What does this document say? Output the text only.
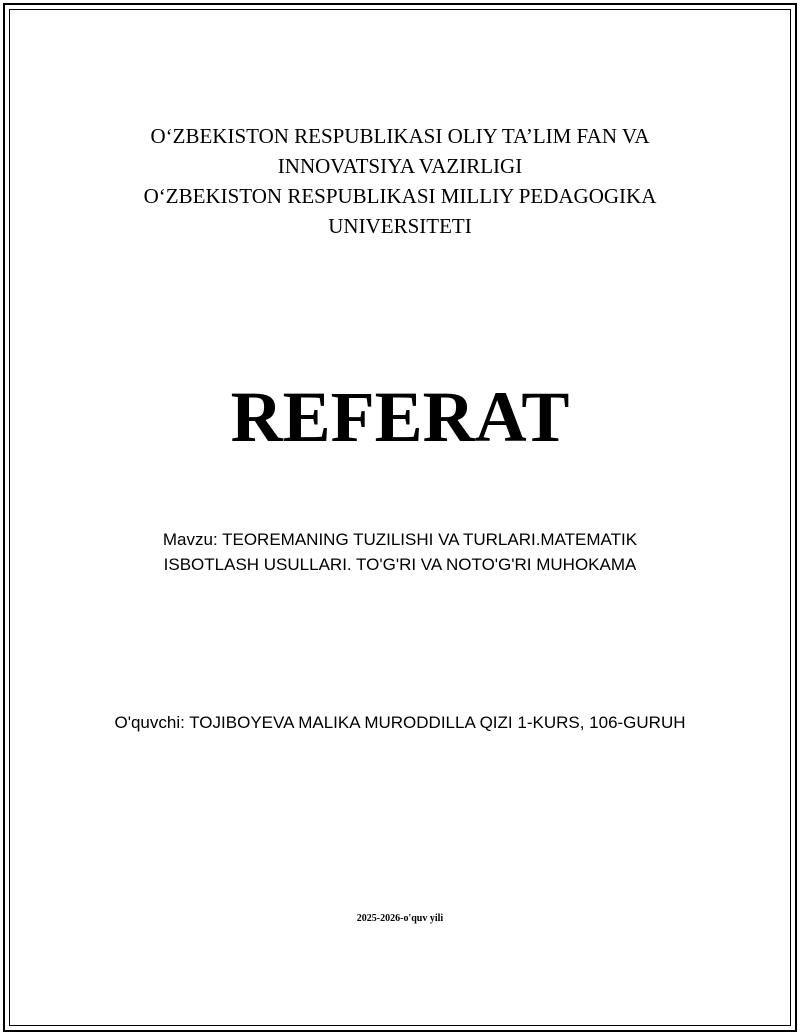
O‘ZBEKISTON RESPUBLIKASI OLIY TA’LIM FAN VA
INNOVATSIYA VAZIRLIGI
O‘ZBEKISTON RESPUBLIKASI MILLIY PEDAGOGIKA
UNIVERSITETI
REFERAT
Mavzu: TEOREMANING TUZILISHI VA TURLARI.MATEMATIK ISBOTLASH USULLARI. TO'G'RI VA NOTO'G'RI MUHOKAMA
O'quvchi: TOJIBOYEVA MALIKA MURODDILLA QIZI 1-KURS, 106-GURUH
2025-2026-o'quv yili
